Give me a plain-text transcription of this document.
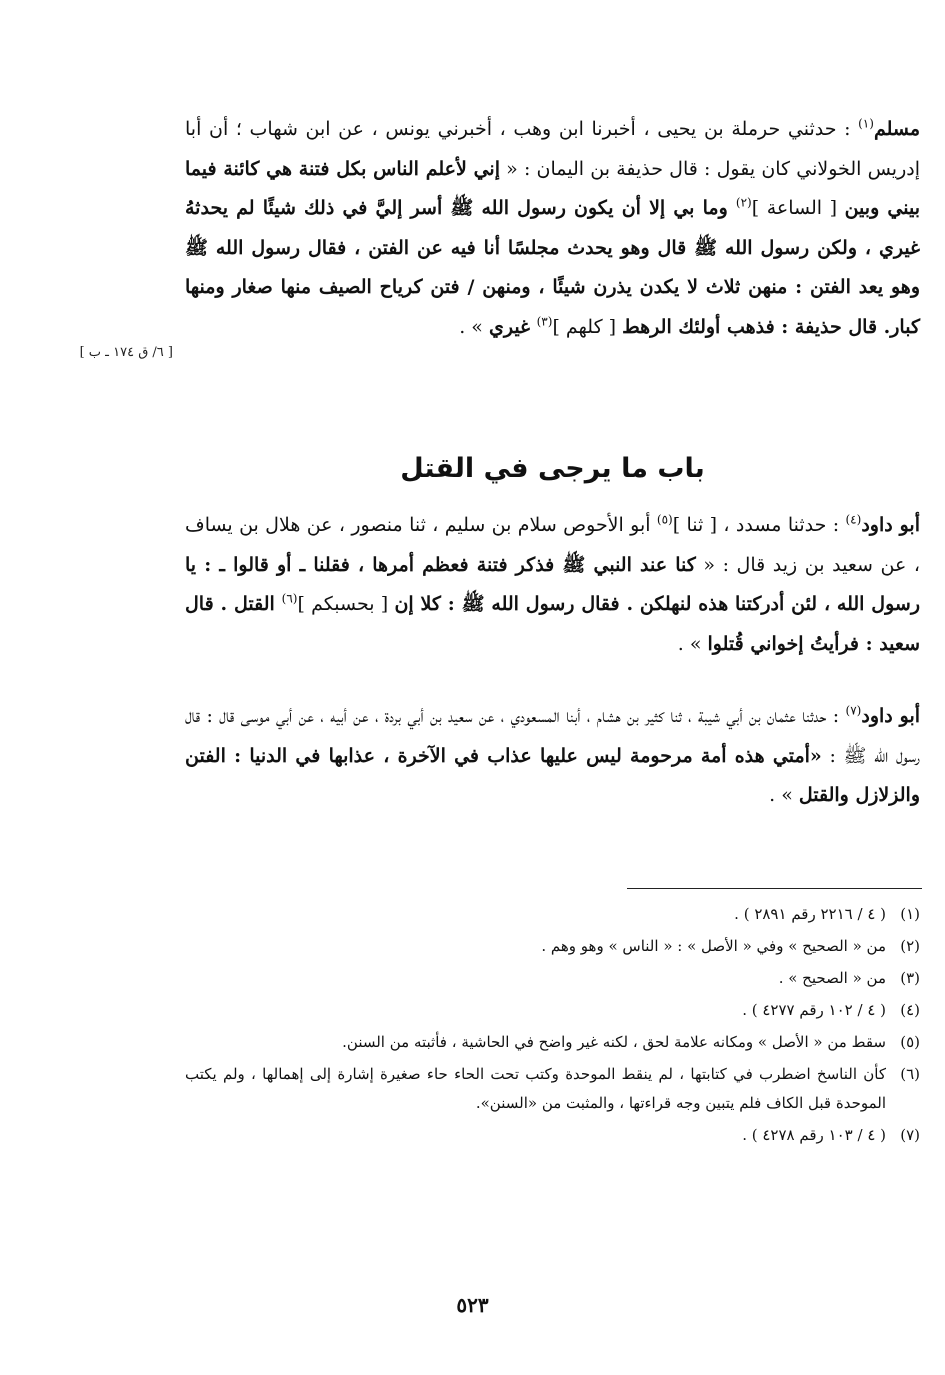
مسلم$^{(١)}$ : حدثني حرملة بن يحيى ، أخبرنا ابن وهب ، أخبرني يونس ، عن ابن شهاب ؛ أن أبا إدريس الخولاني كان يقول : قال حذيفة بن اليمان : « إني لأعلم الناس بكل فتنة هي كائنة فيما بيني وبين [ الساعة ]$^{(٢)}$ وما بي إلا أن يكون رسول الله ﷺ أسر إليَّ في ذلك شيئًا لم يحدثهُ غيري ، ولكن رسول الله ﷺ قال وهو يحدث مجلسًا أنا فيه عن الفتن ، فقال رسول الله ﷺ وهو يعد الفتن : منهن ثلاث لا يكدن يذرن شيئًا ، ومنهن / فتن كرياح الصيف منها صغار ومنها كبار. قال حذيفة : فذهب أولئك الرهط [ كلهم ]$^{(٣)}$ غيري » .

[ ٦/ ق ١٧٤ ـ ب ]
باب ما يرجى في القتل

أبو داود$^{(٤)}$ : حدثنا مسدد ، [ ثنا ]$^{(٥)}$ أبو الأحوص سلام بن سليم ، ثنا منصور ، عن هلال بن يساف ، عن سعيد بن زيد قال : « كنا عند النبي ﷺ فذكر فتنة فعظم أمرها ، فقلنا ـ أو قالوا ـ : يا رسول الله ، لئن أدركتنا هذه لنهلكن . فقال رسول الله ﷺ : كلا إن [ بحسبكم ]$^{(٦)}$ القتل . قال سعيد : فرأيتُ إخواني قُتلوا » .

أبو داود$^{(٧)}$ : حدثنا عثمان بن أبي شيبة ، ثنا كثير بن هشام ، أبنا المسعودي ، عن سعيد بن أبي بردة ، عن أبيه ، عن أبي موسى قال : قال رسول الله ﷺ : «أمتي هذه أمة مرحومة ليس عليها عذاب في الآخرة ، عذابها في الدنيا : الفتن والزلازل والقتل » .

(١)
( ٤ / ٢٢١٦ رقم ٢٨٩١ ) .
(٢)
من « الصحيح » وفي « الأصل » : « الناس » وهو وهم .
(٣)
من « الصحيح » .
(٤)
( ٤ / ١٠٢ رقم ٤٢٧٧ ) .
(٥)
سقط من « الأصل » ومكانه علامة لحق ، لكنه غير واضح في الحاشية ، فأثبته من السنن.
(٦)
كأن الناسخ اضطرب في كتابتها ، لم ينقط الموحدة وكتب تحت الحاء حاء صغيرة إشارة إلى إهمالها ، ولم يكتب الموحدة قبل الكاف فلم يتبين وجه قراءتها ، والمثبت من «السنن».
(٧)
( ٤ / ١٠٣ رقم ٤٢٧٨ ) .
٥٢٣
